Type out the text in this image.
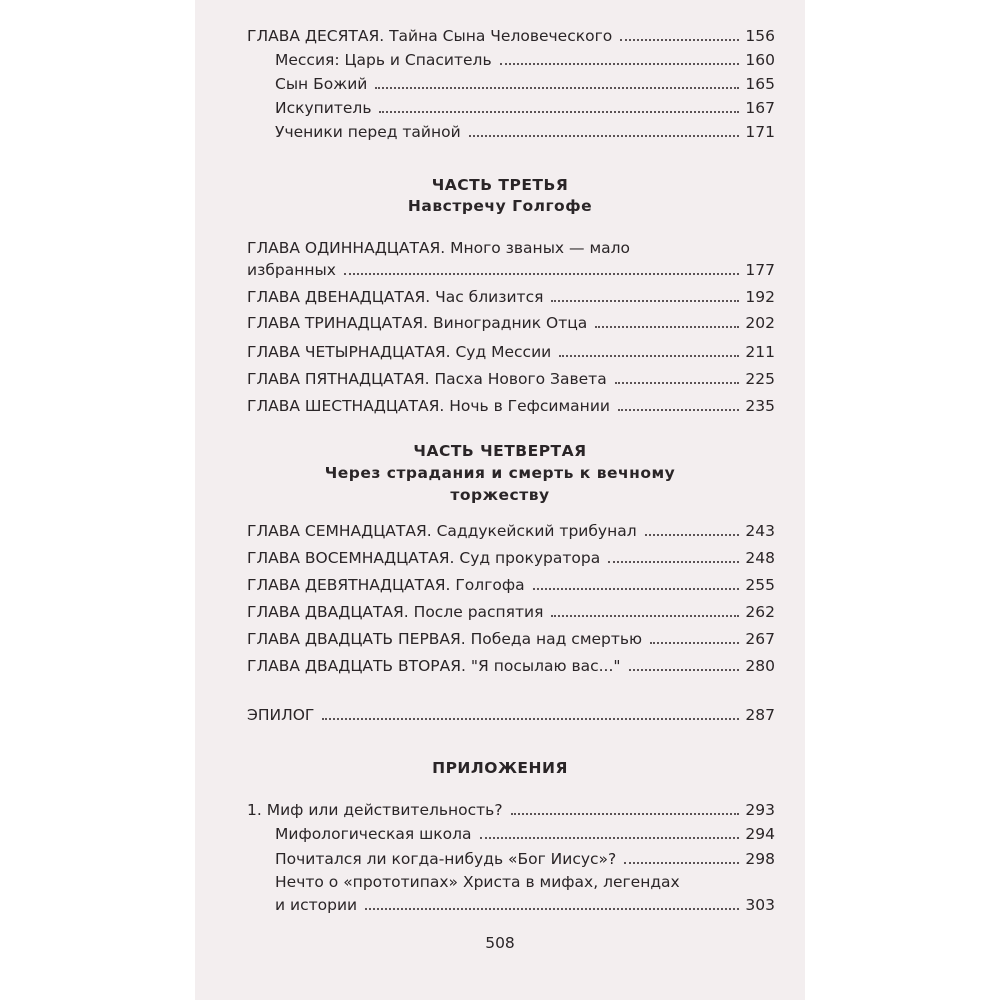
ГЛАВА ДЕСЯТАЯ. Тайна Сына Человеческого	156
Мессия: Царь и Спаситель	160
Сын Божий	165
Искупитель	167
Ученики перед тайной	171
ЧАСТЬ ТРЕТЬЯ
Навстречу Голгофе
ГЛАВА ОДИННАДЦАТАЯ. Много званых — мало
избранных	177
ГЛАВА ДВЕНАДЦАТАЯ. Час близится	192
ГЛАВА ТРИНАДЦАТАЯ. Виноградник Отца	202
ГЛАВА ЧЕТЫРНАДЦАТАЯ. Суд Мессии	211
ГЛАВА ПЯТНАДЦАТАЯ. Пасха Нового Завета	225
ГЛАВА ШЕСТНАДЦАТАЯ. Ночь в Гефсимании	235
ЧАСТЬ ЧЕТВЕРТАЯ
Через страдания и смерть к вечному
торжеству
ГЛАВА СЕМНАДЦАТАЯ. Саддукейский трибунал	243
ГЛАВА ВОСЕМНАДЦАТАЯ. Суд прокуратора	248
ГЛАВА ДЕВЯТНАДЦАТАЯ. Голгофа	255
ГЛАВА ДВАДЦАТАЯ. После распятия	262
ГЛАВА ДВАДЦАТЬ ПЕРВАЯ. Победа над смертью	267
ГЛАВА ДВАДЦАТЬ ВТОРАЯ. "Я посылаю вас..."	280
ЭПИЛОГ	287
ПРИЛОЖЕНИЯ
1. Миф или действительность?	293
Мифологическая школа	294
Почитался ли когда-нибудь «Бог Иисус»?	298
Нечто о «прототипах» Христа в мифах, легендах
и истории	303
508
